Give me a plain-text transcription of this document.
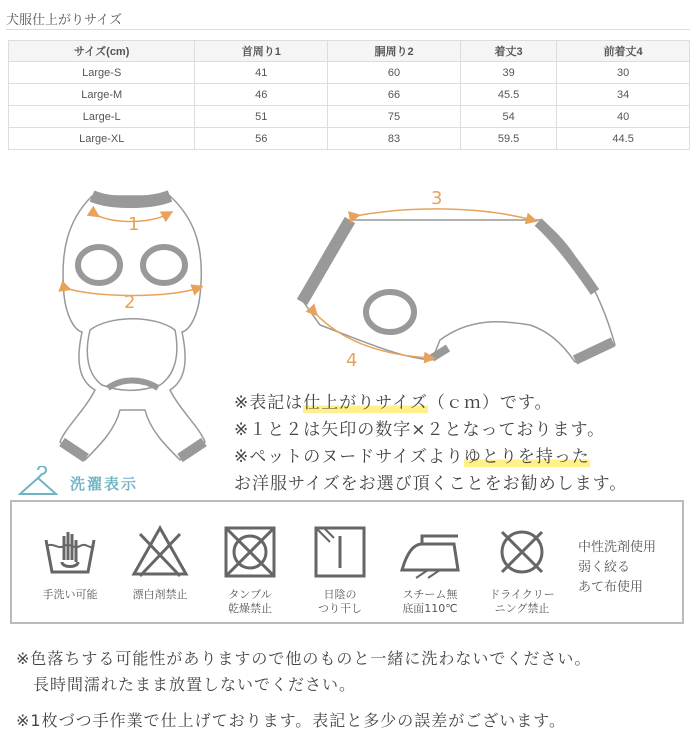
犬服仕上がりサイズ
サイズ(cm)	首周り1	胴周り2	着丈3	前着丈4
Large-S	41	60	39	30
Large-M	46	66	45.5	34
Large-L	51	75	54	40
Large-XL	56	83	59.5	44.5
1
2
3
4
※表記は仕上がりサイズ（ｃｍ）です。
※１と２は矢印の数字×２となっております。
※ペットのヌードサイズよりゆとりを持った
お洋服サイズをお選び頂くことをお勧めします。
洗濯表示
手洗い可能	漂白剤禁止	タンブル
乾燥禁止
日陰の
つり干し
スチーム無
底面110℃
ドライクリー
ニング禁止
中性洗剤使用
弱く絞る
あて布使用
※色落ちする可能性がありますので他のものと一緒に洗わないでください。
　長時間濡れたまま放置しないでください。
※1枚づつ手作業で仕上げております。表記と多少の誤差がございます。
